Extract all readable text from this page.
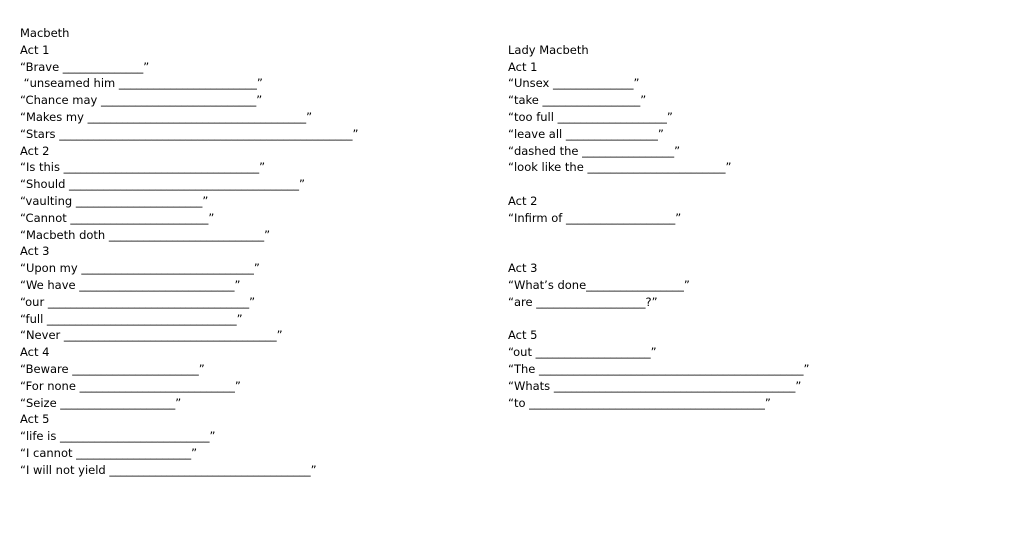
Macbeth
Act 1
“Brave ______________”
“unseamed him ________________________”
“Chance may ___________________________”
“Makes my ______________________________________”
“Stars ___________________________________________________”
Act 2
“Is this __________________________________”
“Should ________________________________________”
“vaulting ______________________”
“Cannot ________________________”
“Macbeth doth ___________________________”
Act 3
“Upon my ______________________________”
“We have ___________________________”
“our ___________________________________”
“full _________________________________”
“Never _____________________________________”
Act 4
“Beware ______________________”
“For none ___________________________”
“Seize ____________________”
Act 5
“life is __________________________”
“I cannot ____________________”
“I will not yield ___________________________________”
Lady Macbeth
Act 1
“Unsex ______________”
“take _________________”
“too full ___________________”
“leave all ________________”
“dashed the ________________”
“look like the ________________________”
Act 2
“Infirm of ___________________”
Act 3
“What’s done_________________”
“are ___________________?”
Act 5
“out ____________________”
“The ______________________________________________”
“Whats __________________________________________”
“to _________________________________________”
